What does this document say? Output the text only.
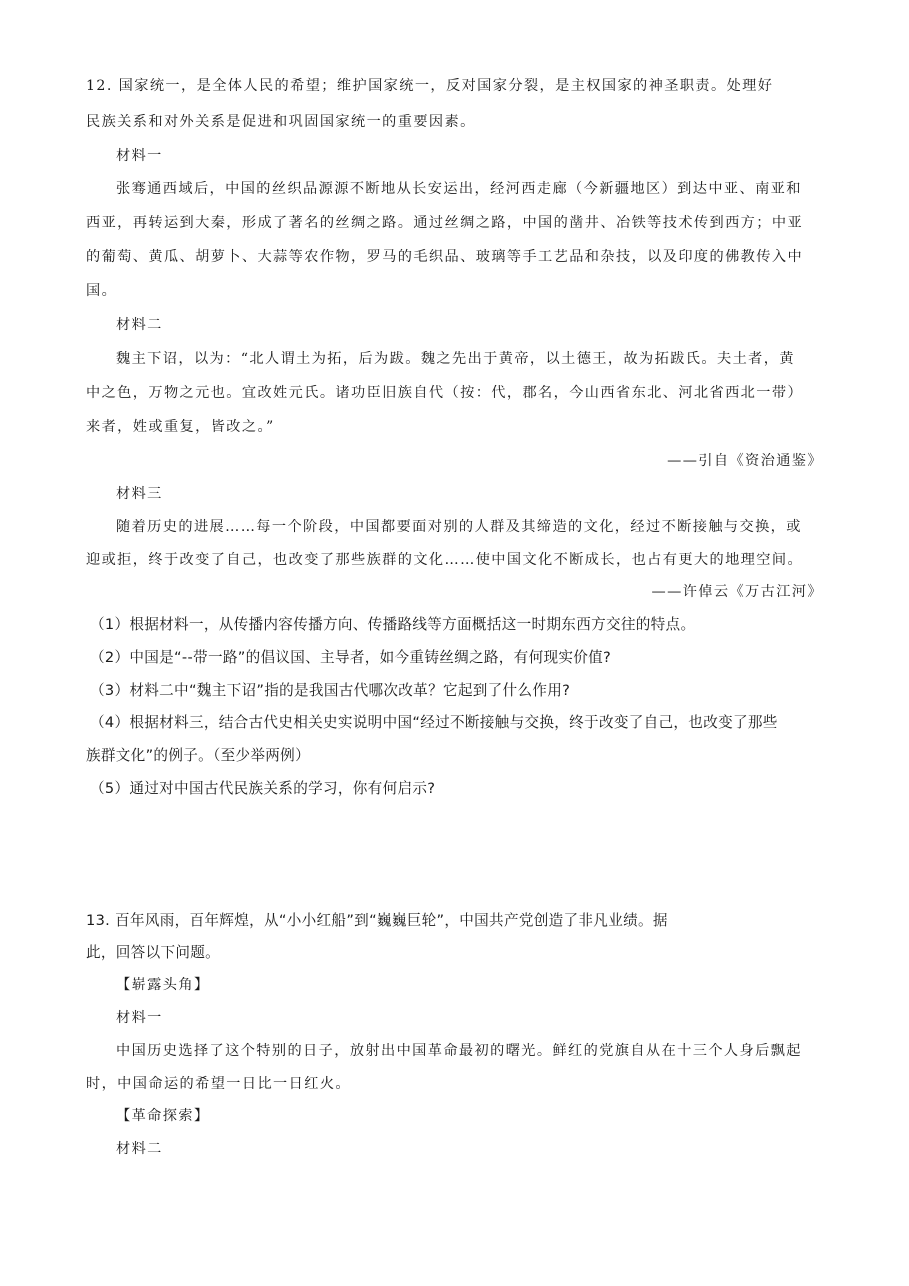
12. 国家统一，是全体人民的希望；维护国家统一，反对国家分裂，是主权国家的神圣职责。处理好
民族关系和对外关系是促进和巩固国家统一的重要因素。
材料一
张骞通西域后，中国的丝织品源源不断地从长安运出，经河西走廊（今新疆地区）到达中亚、南亚和
西亚，再转运到大秦，形成了著名的丝绸之路。通过丝绸之路，中国的凿井、冶铁等技术传到西方；中亚
的葡萄、黄瓜、胡萝卜、大蒜等农作物，罗马的毛织品、玻璃等手工艺品和杂技，以及印度的佛教传入中
国。
材料二
魏主下诏，以为：“北人谓土为拓，后为跋。魏之先出于黄帝，以土德王，故为拓跋氏。夫土者，黄
中之色，万物之元也。宜改姓元氏。诸功臣旧族自代（按：代，郡名，今山西省东北、河北省西北一带）
来者，姓或重复，皆改之。”
——引自《资治通鉴》
材料三
随着历史的进展……每一个阶段，中国都要面对别的人群及其缔造的文化，经过不断接触与交换，或
迎或拒，终于改变了自己，也改变了那些族群的文化……使中国文化不断成长，也占有更大的地理空间。
——许倬云《万古江河》
（1）根据材料一，从传播内容传播方向、传播路线等方面概括这一时期东西方交往的特点。
（2）中国是“--带一路”的倡议国、主导者，如今重铸丝绸之路，有何现实价值?
（3）材料二中“魏主下诏”指的是我国古代哪次改革？它起到了什么作用?
（4）根据材料三，结合古代史相关史实说明中国“经过不断接触与交换，终于改变了自己，也改变了那些
族群文化”的例子。（至少举两例）
（5）通过对中国古代民族关系的学习，你有何启示?
13. 百年风雨，百年辉煌，从“小小红船”到“巍巍巨轮”，中国共产党创造了非凡业绩。据
此，回答以下问题。
【崭露头角】
材料一
中国历史选择了这个特别的日子，放射出中国革命最初的曙光。鲜红的党旗自从在十三个人身后飘起
时，中国命运的希望一日比一日红火。
【革命探索】
材料二
